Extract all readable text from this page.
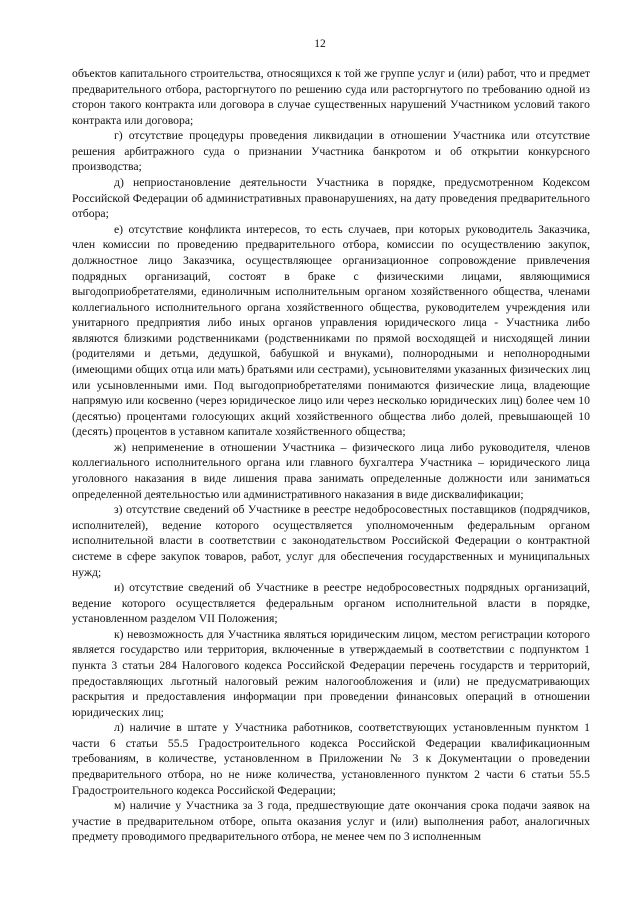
12

объектов капитального строительства, относящихся к той же группе услуг и (или) работ, что и предмет предварительного отбора, расторгнутого по решению суда или расторгнутого по требованию одной из сторон такого контракта или договора в случае существенных нарушений Участником условий такого контракта или договора;

г) отсутствие процедуры проведения ликвидации в отношении Участника или отсутствие решения арбитражного суда о признании Участника банкротом и об открытии конкурсного производства;

д) неприостановление деятельности Участника в порядке, предусмотренном Кодексом Российской Федерации об административных правонарушениях, на дату проведения предварительного отбора;

е) отсутствие конфликта интересов, то есть случаев, при которых руководитель Заказчика, член комиссии по проведению предварительного отбора, комиссии по осуществлению закупок, должностное лицо Заказчика, осуществляющее организационное сопровождение привлечения подрядных организаций, состоят в браке с физическими лицами, являющимися выгодоприобретателями, единоличным исполнительным органом хозяйственного общества, членами коллегиального исполнительного органа хозяйственного общества, руководителем учреждения или унитарного предприятия либо иных органов управления юридического лица - Участника либо являются близкими родственниками (родственниками по прямой восходящей и нисходящей линии (родителями и детьми, дедушкой, бабушкой и внуками), полнородными и неполнородными (имеющими общих отца или мать) братьями или сестрами), усыновителями указанных физических лиц или усыновленными ими. Под выгодоприобретателями понимаются физические лица, владеющие напрямую или косвенно (через юридическое лицо или через несколько юридических лиц) более чем 10 (десятью) процентами голосующих акций хозяйственного общества либо долей, превышающей 10 (десять) процентов в уставном капитале хозяйственного общества;

ж) неприменение в отношении Участника – физического лица либо руководителя, членов коллегиального исполнительного органа или главного бухгалтера Участника – юридического лица уголовного наказания в виде лишения права занимать определенные должности или заниматься определенной деятельностью или административного наказания в виде дисквалификации;

з) отсутствие сведений об Участнике в реестре недобросовестных поставщиков (подрядчиков, исполнителей), ведение которого осуществляется уполномоченным федеральным органом исполнительной власти в соответствии с законодательством Российской Федерации о контрактной системе в сфере закупок товаров, работ, услуг для обеспечения государственных и муниципальных нужд;

и) отсутствие сведений об Участнике в реестре недобросовестных подрядных организаций, ведение которого осуществляется федеральным органом исполнительной власти в порядке, установленном разделом VII Положения;

к) невозможность для Участника являться юридическим лицом, местом регистрации которого является государство или территория, включенные в утверждаемый в соответствии с подпунктом 1 пункта 3 статьи 284 Налогового кодекса Российской Федерации перечень государств и территорий, предоставляющих льготный налоговый режим налогообложения и (или) не предусматривающих раскрытия и предоставления информации при проведении финансовых операций в отношении юридических лиц;

л) наличие в штате у Участника работников, соответствующих установленным пунктом 1 части 6 статьи 55.5 Градостроительного кодекса Российской Федерации квалификационным требованиям, в количестве, установленном в Приложении № 3 к Документации о проведении предварительного отбора, но не ниже количества, установленного пунктом 2 части 6 статьи 55.5 Градостроительного кодекса Российской Федерации;

м) наличие у Участника за 3 года, предшествующие дате окончания срока подачи заявок на участие в предварительном отборе, опыта оказания услуг и (или) выполнения работ, аналогичных предмету проводимого предварительного отбора, не менее чем по 3 исполненным
